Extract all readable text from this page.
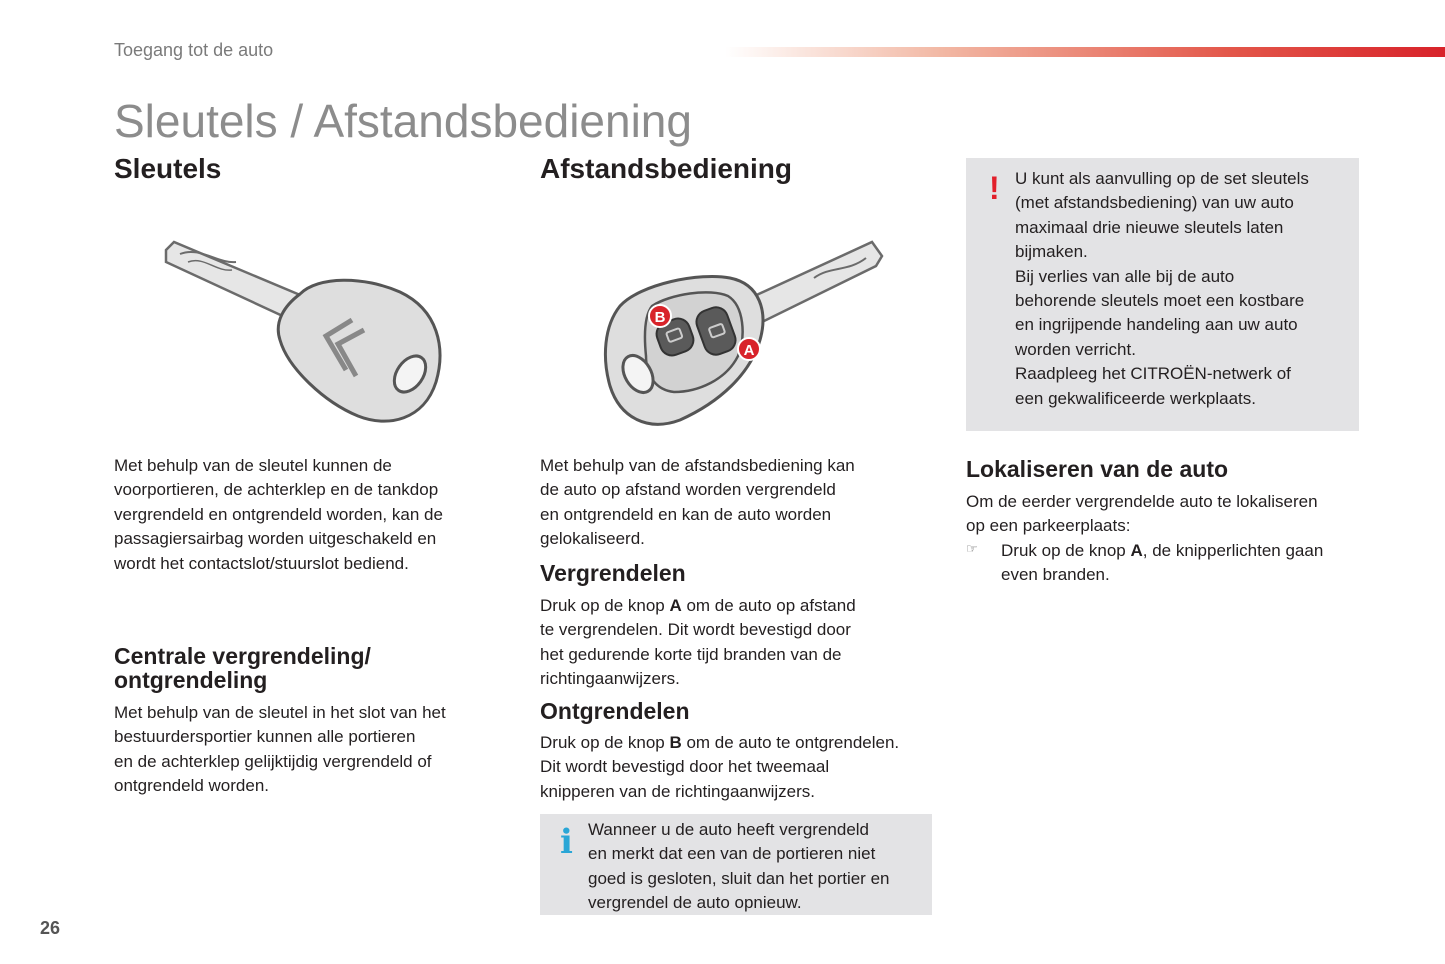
Toegang tot de auto
Sleutels / Afstandsbediening
Sleutels

Met behulp van de sleutel kunnen de

voorportieren, de achterklep en de tankdop

vergrendeld en ontgrendeld worden, kan de

passagiersairbag worden uitgeschakeld en

wordt het contactslot/stuurslot bediend.

Centrale vergrendeling/
ontgrendeling

Met behulp van de sleutel in het slot van het

bestuurdersportier kunnen alle portieren

en de achterklep gelijktijdig vergrendeld of

ontgrendeld worden.

Afstandsbediening
B
A

Met behulp van de afstandsbediening kan

de auto op afstand worden vergrendeld

en ontgrendeld en kan de auto worden

gelokaliseerd.

Vergrendelen

Druk op de knop A om de auto op afstand

te vergrendelen. Dit wordt bevestigd door

het gedurende korte tijd branden van de

richtingaanwijzers.

Ontgrendelen

Druk op de knop B om de auto te ontgrendelen.

Dit wordt bevestigd door het tweemaal

knipperen van de richtingaanwijzers.

i Wanneer u de auto heeft vergrendeld

en merkt dat een van de portieren niet

goed is gesloten, sluit dan het portier en

vergrendel de auto opnieuw.

! U kunt als aanvulling op de set sleutels

(met afstandsbediening) van uw auto

maximaal drie nieuwe sleutels laten

bijmaken.

Bij verlies van alle bij de auto

behorende sleutels moet een kostbare

en ingrijpende handeling aan uw auto

worden verricht.

Raadpleeg het CITROËN-netwerk of

een gekwalificeerde werkplaats.

Lokaliseren van de auto

Om de eerder vergrendelde auto te lokaliseren

op een parkeerplaats:

☞ Druk op de knop A, de knipperlichten gaan

even branden.

26
